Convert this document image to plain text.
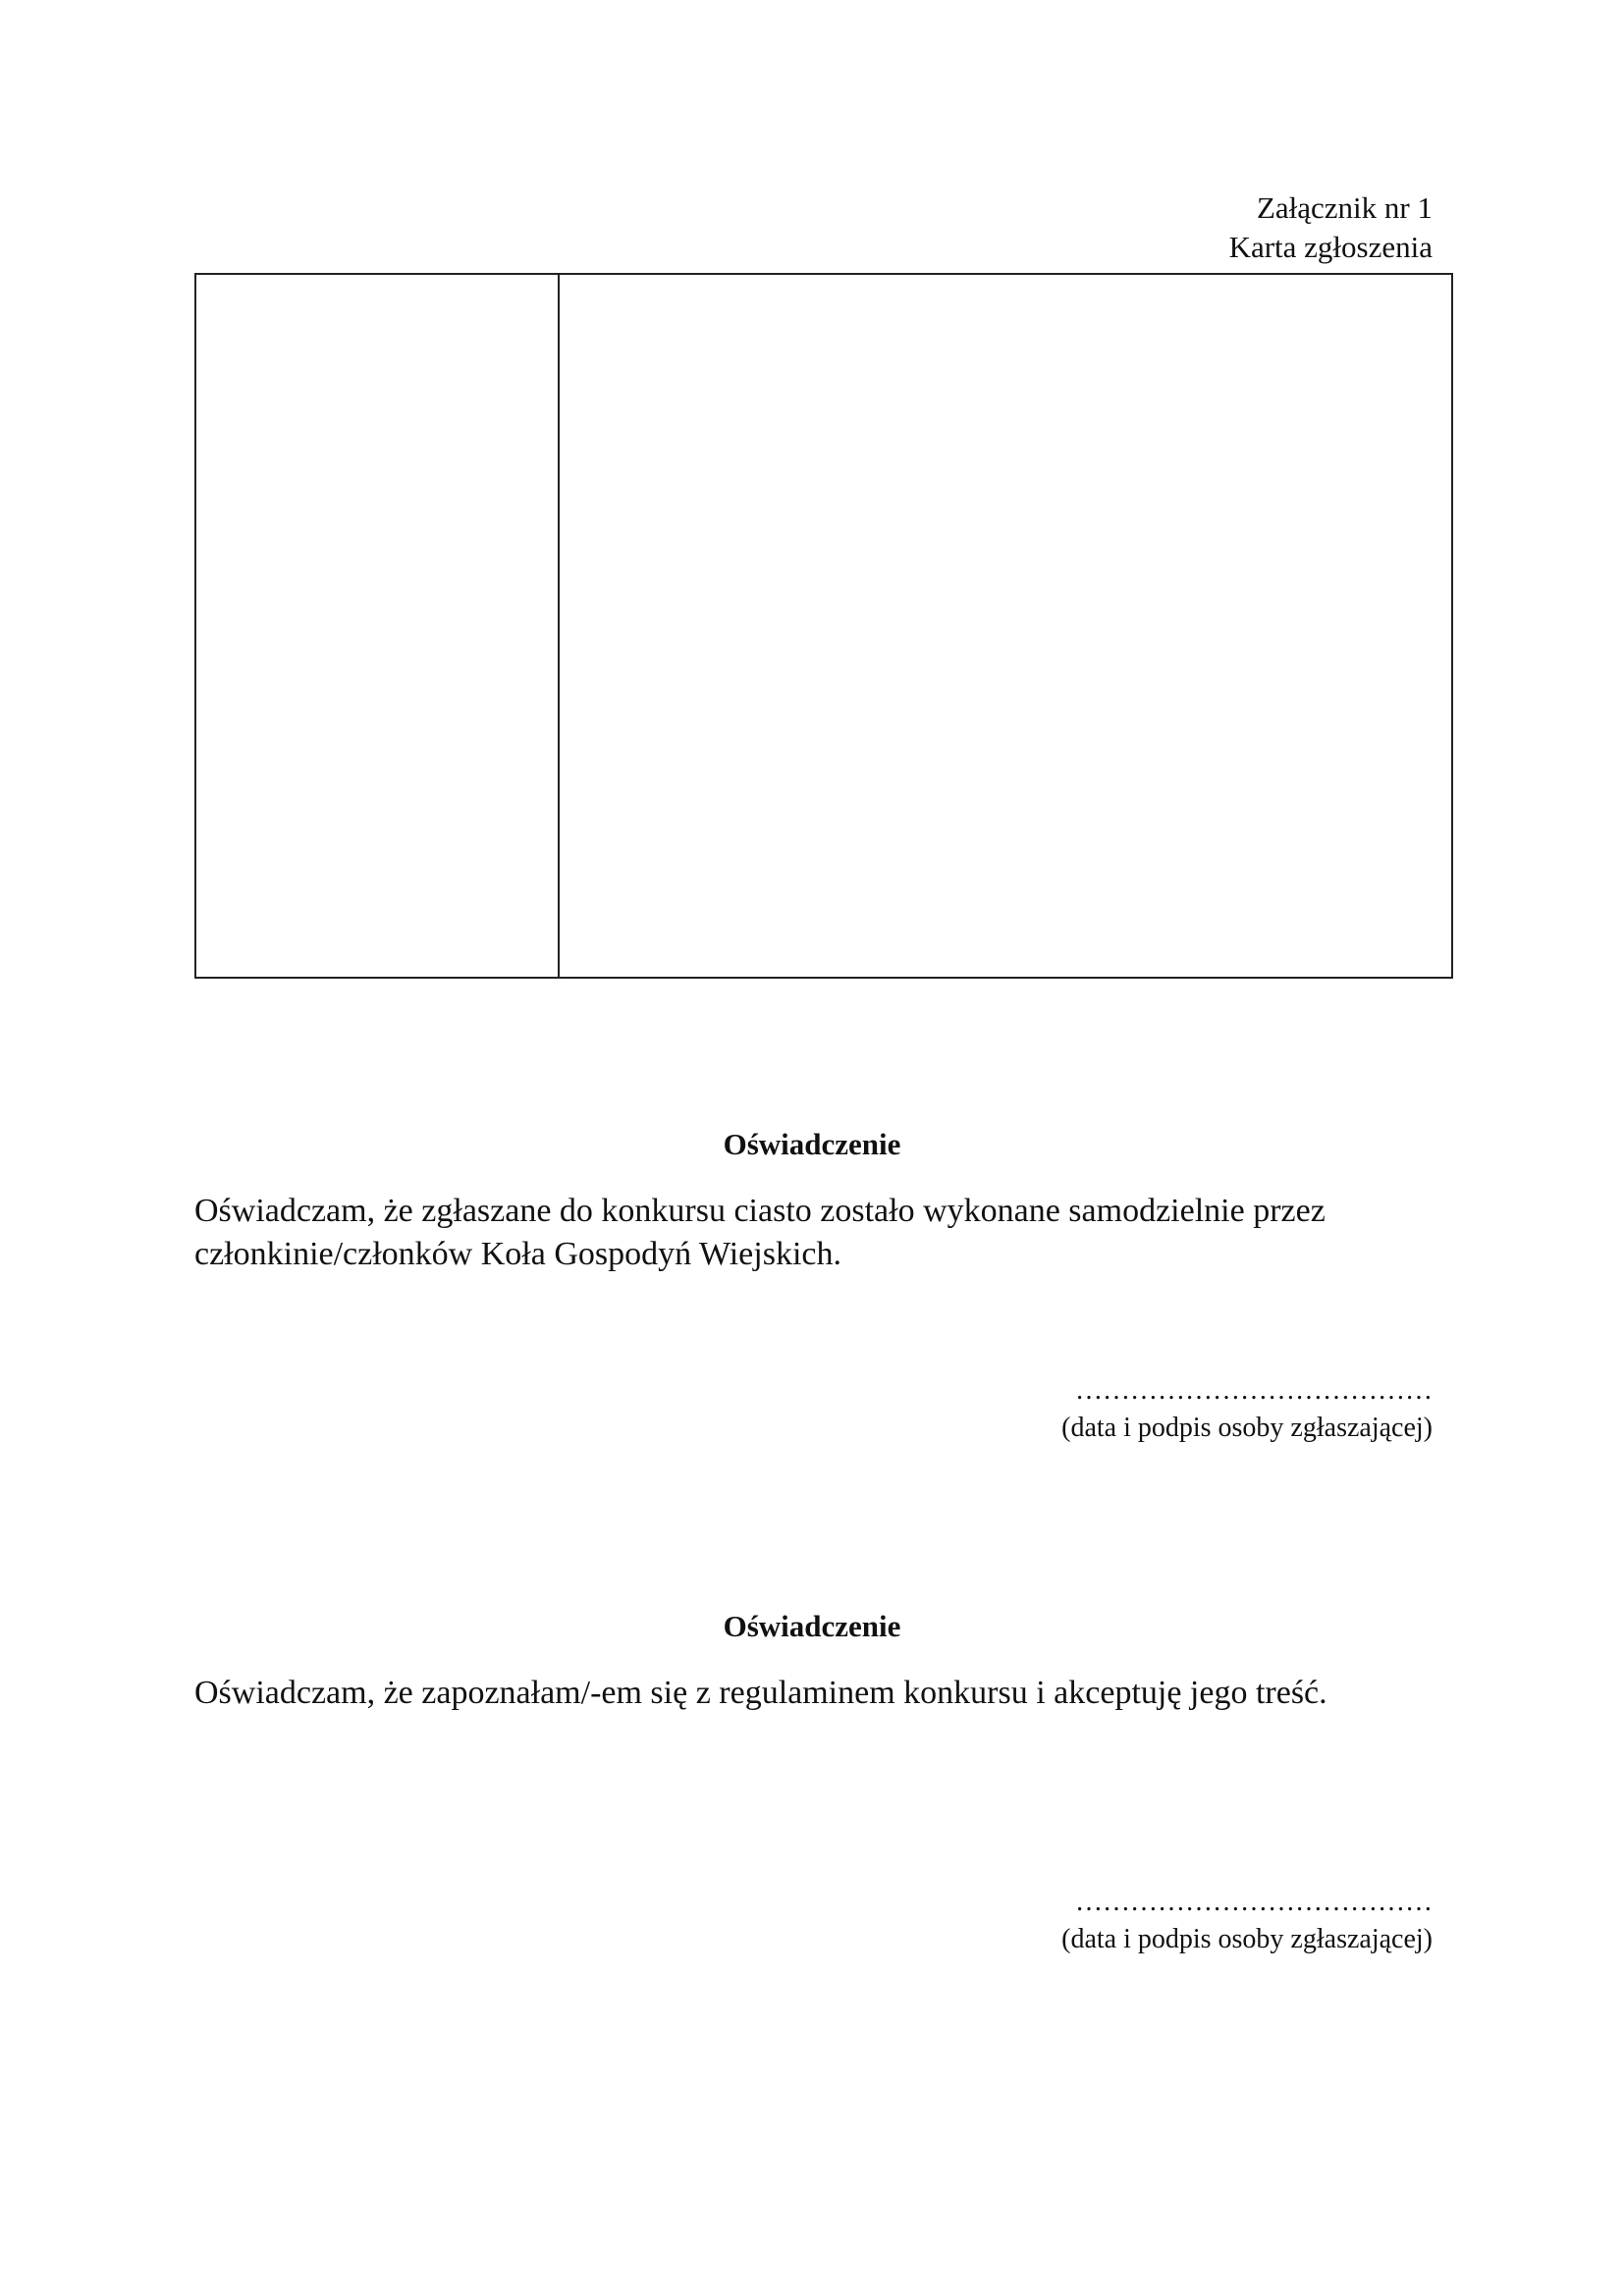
Załącznik nr 1
Karta zgłoszenia
Oświadczenie
Oświadczam, że zgłaszane do konkursu ciasto zostało wykonane samodzielnie przez
członkinie/członków Koła Gospodyń Wiejskich.
…………………………………
(data i podpis osoby zgłaszającej)
Oświadczenie
Oświadczam, że zapoznałam/-em się z regulaminem konkursu i akceptuję jego treść.
…………………………………
(data i podpis osoby zgłaszającej)
